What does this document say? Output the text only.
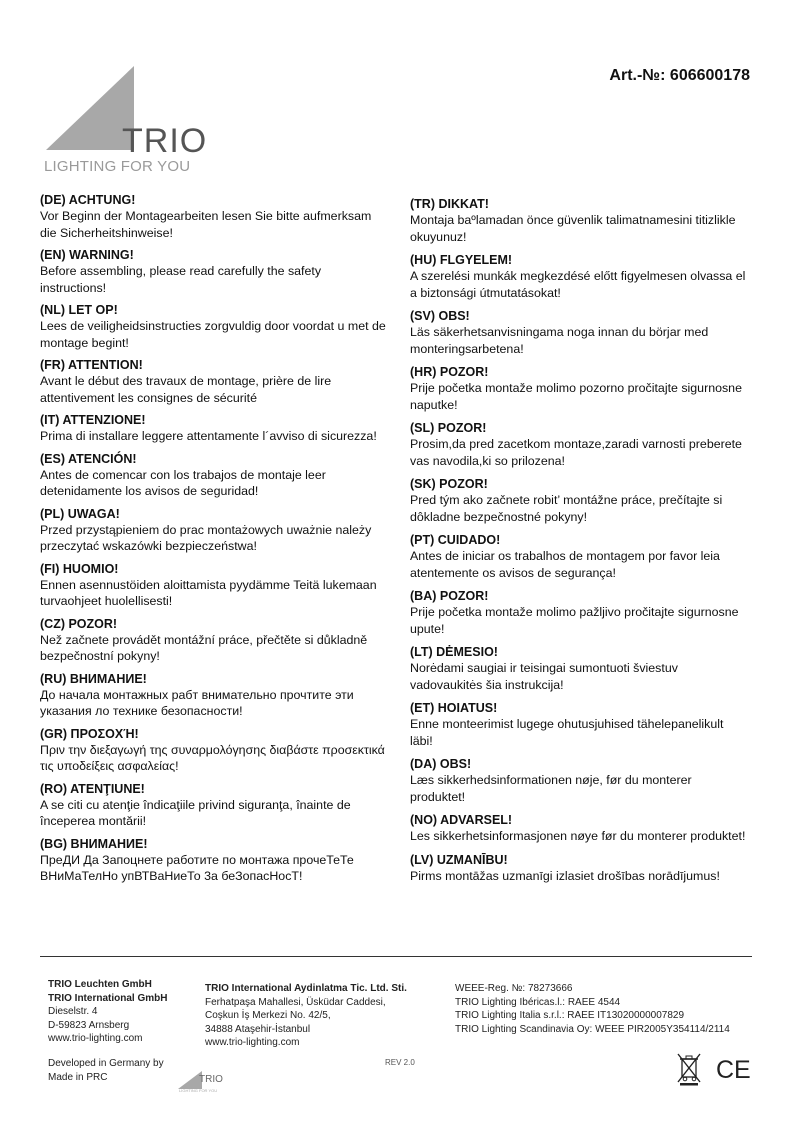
TRIO
LIGHTING FOR YOU
Art.-№: 606600178
(DE) ACHTUNG!

Vor Beginn der Montagearbeiten lesen Sie bitte aufmerksam die Sicherheitshinweise!

(EN) WARNING!

Before assembling, please read carefully the safety instructions!

(NL) LET OP!

Lees de veiligheidsinstructies zorgvuldig door voordat u met de montage begint!

(FR) ATTENTION!

Avant le début des travaux de montage, prière de lire attentivement les consignes de sécurité

(IT) ATTENZIONE!

Prima di installare leggere attentamente l´avviso di sicurezza!

(ES) ATENCIÓN!

Antes de comencar con los trabajos de montaje leer detenidamente los avisos de seguridad!

(PL) UWAGA!

Przed przystąpieniem do prac montażowych uważnie należy przeczytać wskazówki bezpieczeństwa!

(FI) HUOMIO!

Ennen asennustöiden aloittamista pyydämme Teitä lukemaan turvaohjeet huolellisesti!

(CZ) POZOR!

Než začnete provádět montážní práce, přečtěte si důkladně bezpečnostní pokyny!

(RU) ВНИМАНИЕ!

До начала монтажных рабт внимательно прочтите эти указания ло технике безопасности!

(GR) ΠΡΟΣΟΧΉ!

Πριν την διεξαγωγή της συναρμολόγησης διαβάστε προσεκτικά τις υποδείξεις ασφαλείας!

(RO) ATENŢIUNE!

A se citi cu atenţie îndicaţiile privind siguranţa, înainte de începerea montării!

(BG) ВНИМАНИЕ!

ПреДИ Да Запоцнете работите по монтажа прочеТеТе ВНиМаТелНо упВТВаНиеТо 3а беЗопасНосТ!

(TR) DIKKAT!

Montaja baºlamadan önce güvenlik talimatnamesini titizlikle okuyunuz!

(HU) FLGYELEM!

A szerelési munkák megkezdésé előtt figyelmesen olvassa el a biztonsági útmutatásokat!

(SV) OBS!

Läs säkerhetsanvisningama noga innan du börjar med monteringsarbetena!

(HR) POZOR!

Prije početka montaže molimo pozorno pročitajte sigurnosne naputke!

(SL) POZOR!

Prosim,da pred zacetkom montaze,zaradi varnosti preberete vas navodila,ki so prilozena!

(SK) POZOR!

Pred tým ako začnete robit’ montážne práce, prečítajte si dôkladne bezpečnostné pokyny!

(PT) CUIDADO!

Antes de iniciar os trabalhos de montagem por favor leia atentemente os avisos de segurança!

(BA) POZOR!

Prije početka montaže molimo pažljivo pročitajte sigurnosne upute!

(LT) DĖMESIO!

Norėdami saugiai ir teisingai sumontuoti šviestuv vadovaukitės šia instrukcija!

(ET) HOIATUS!

Enne monteerimist lugege ohutusjuhised tähelepanelikult läbi!

(DA) OBS!

Læs sikkerhedsinformationen nøje, før du monterer produktet!

(NO) ADVARSEL!

Les sikkerhetsinformasjonen nøye før du monterer produktet!

(LV) UZMANĪBU!

Pirms montāžas uzmanīgi izlasiet drošības norādījumus!

TRIO Leuchten GmbH
TRIO International GmbH
Dieselstr. 4
D-59823 Arnsberg
www.trio-lighting.com
TRIO International Aydinlatma Tic. Ltd. Sti.
Ferhatpaşa Mahallesi, Üsküdar Caddesi,
Coşkun İş Merkezi No. 42/5,
34888 Ataşehir-İstanbul
www.trio-lighting.com
WEEE-Reg. №: 78273666
TRIO Lighting Ibéricas.l.: RAEE 4544
TRIO Lighting Italia s.r.l.: RAEE IT13020000007829
TRIO Lighting Scandinavia Oy: WEEE PIR2005Y354114/2114
Developed in Germany by
Made in PRC
REV 2.0
TRIO
LIGHTING FOR YOU
CE
